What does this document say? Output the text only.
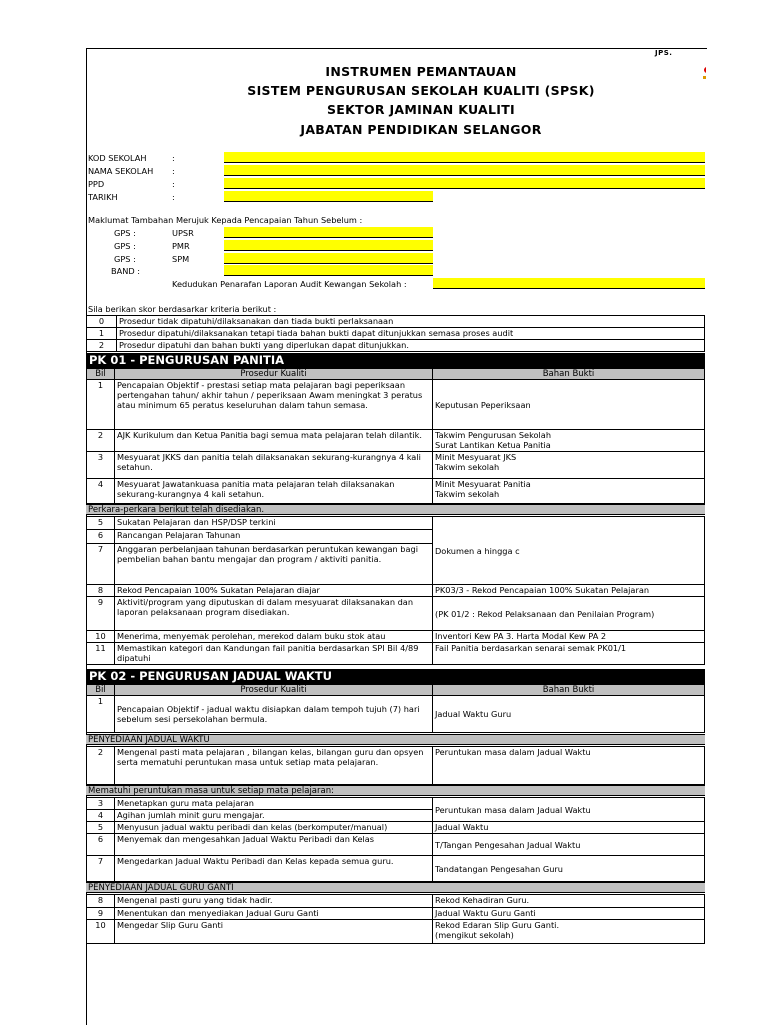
JPS.
INSTRUMEN PEMANTAUAN
SISTEM PENGURUSAN SEKOLAH KUALITI (SPSK)
SEKTOR JAMINAN KUALITI
JABATAN PENDIDIKAN SELANGOR
KOD SEKOLAH	:
NAMA SEKOLAH :
PPD	:
TARIKH	:
Maklumat Tambahan Merujuk Kepada Pencapaian Tahun Sebelum :
GPS :	UPSR
GPS :	PMR
GPS :	SPM
BAND :
Kedudukan Penarafan Laporan Audit Kewangan Sekolah :
Sila berikan skor berdasarkar kriteria berikut :
0	Prosedur tidak dipatuhi/dilaksanakan dan tiada bukti perlaksanaan
1	Prosedur dipatuhi/dilaksanakan tetapi tiada bahan bukti dapat ditunjukkan semasa proses audit
2	Prosedur dipatuhi dan bahan bukti yang diperlukan dapat ditunjukkan.
PK 01 - PENGURUSAN PANITIA
Bil	Prosedur Kualiti	Bahan Bukti
1	Pencapaian Objektif - prestasi setiap mata pelajaran bagi peperiksaan pertengahan tahun/ akhir tahun / peperiksaan Awam meningkat 3 peratus atau minimum 65 peratus keseluruhan dalam tahun semasa.	Keputusan Peperiksaan
2	AJK Kurikulum dan Ketua Panitia bagi semua mata pelajaran telah dilantik.	Takwim Pengurusan Sekolah
Surat Lantikan Ketua Panitia
3	Mesyuarat JKKS dan panitia telah dilaksanakan sekurang-kurangnya 4 kali setahun.	Minit Mesyuarat JKS
Takwim sekolah
4	Mesyuarat Jawatankuasa panitia mata pelajaran telah dilaksanakan sekurang-kurangnya 4 kali setahun.	Minit Mesyuarat Panitia
Takwim sekolah
Perkara-perkara berikut telah disediakan.
5	Sukatan Pelajaran dan HSP/DSP terkini	Dokumen a hingga c
6	Rancangan Pelajaran Tahunan	
7	Anggaran perbelanjaan tahunan berdasarkan peruntukan kewangan bagi pembelian bahan bantu mengajar dan program / aktiviti panitia.	
8	Rekod Pencapaian 100% Sukatan Pelajaran diajar	PK03/3 - Rekod Pencapaian 100% Sukatan Pelajaran
9	Aktiviti/program yang diputuskan di dalam mesyuarat dilaksanakan dan laporan pelaksanaan program disediakan.	(PK 01/2 : Rekod Pelaksanaan dan Penilaian Program)
10	Menerima, menyemak perolehan, merekod dalam buku stok atau	Inventori Kew PA 3. Harta Modal Kew PA 2
11	Memastikan kategori dan Kandungan fail panitia berdasarkan SPI Bil 4/89 dipatuhi	Fail Panitia berdasarkan senarai semak PK01/1
PK 02 - PENGURUSAN JADUAL WAKTU
Bil	Prosedur Kualiti	Bahan Bukti
1	Pencapaian Objektif - jadual waktu disiapkan dalam tempoh tujuh (7) hari sebelum sesi persekolahan bermula.	Jadual Waktu Guru
PENYEDIAAN JADUAL WAKTU
2	Mengenal pasti mata pelajaran , bilangan kelas, bilangan guru dan opsyen serta mematuhi peruntukan masa untuk setiap mata pelajaran.	Peruntukan masa dalam Jadual Waktu
Mematuhi peruntukan masa untuk setiap mata pelajaran:
3	Menetapkan guru mata pelajaran	Peruntukan masa dalam Jadual Waktu
4	Agihan jumlah minit guru mengajar.	
5	Menyusun jadual waktu peribadi dan kelas (berkomputer/manual)	Jadual Waktu
6	Menyemak dan mengesahkan Jadual Waktu Peribadi dan Kelas	T/Tangan Pengesahan Jadual Waktu
7	Mengedarkan Jadual Waktu Peribadi dan Kelas kepada semua guru.	Tandatangan Pengesahan Guru
PENYEDIAAN JADUAL GURU GANTI
8	Mengenal pasti guru yang tidak hadir.	Rekod Kehadiran Guru.
9	Menentukan dan menyediakan Jadual Guru Ganti	Jadual Waktu Guru Ganti
10	Mengedar Slip Guru Ganti	Rekod Edaran Slip Guru Ganti.
(mengikut sekolah)
